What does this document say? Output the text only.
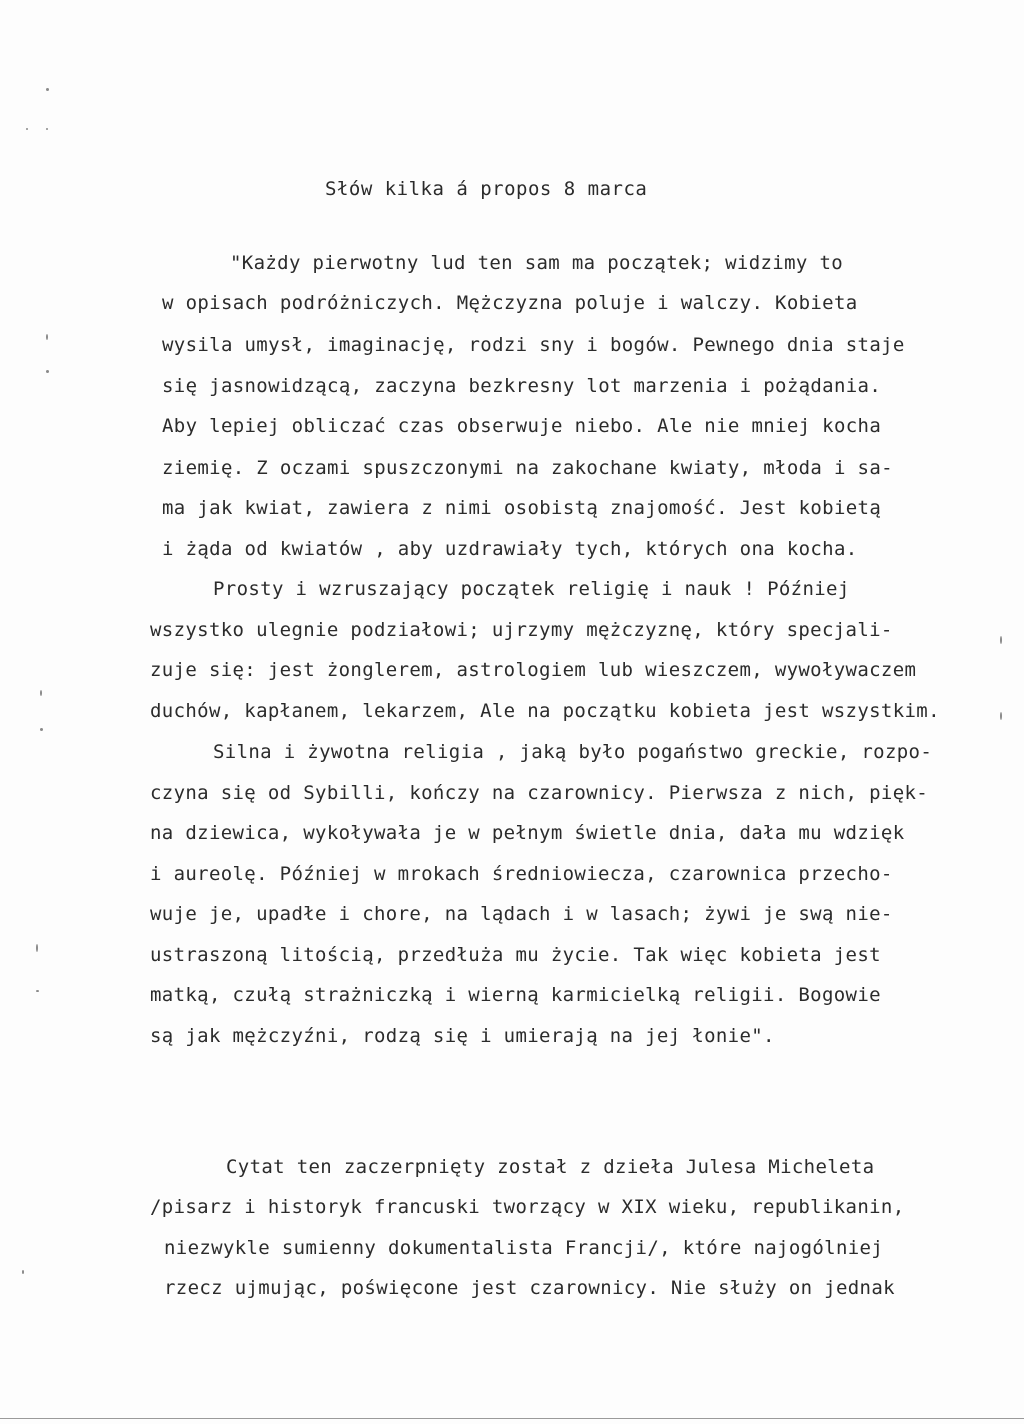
Słów kilka á propos 8 marca
"Każdy pierwotny lud ten sam ma początek; widzimy to
w opisach podróżniczych. Mężczyzna poluje i walczy. Kobieta
wysila umysł, imaginację, rodzi sny i bogów. Pewnego dnia staje
się jasnowidzącą, zaczyna bezkresny lot marzenia i pożądania.
Aby lepiej obliczać czas obserwuje niebo. Ale nie mniej kocha
ziemię. Z oczami spuszczonymi na zakochane kwiaty, młoda i sa-
ma jak kwiat, zawiera z nimi osobistą znajomość. Jest kobietą
i żąda od kwiatów , aby uzdrawiały tych, których ona kocha.
Prosty i wzruszający początek religię i nauk ! Później
wszystko ulegnie podziałowi; ujrzymy mężczyznę, który specjali-
zuje się: jest żonglerem, astrologiem lub wieszczem, wywoływaczem
duchów, kapłanem, lekarzem, Ale na początku kobieta jest wszystkim.
Silna i żywotna religia , jaką było pogaństwo greckie, rozpo-
czyna się od Sybilli, kończy na czarownicy. Pierwsza z nich, pięk-
na dziewica, wykoływała je w pełnym świetle dnia, dała mu wdzięk
i aureolę. Później w mrokach średniowiecza, czarownica przecho-
wuje je, upadłe i chore, na lądach i w lasach; żywi je swą nie-
ustraszoną litością, przedłuża mu życie. Tak więc kobieta jest
matką, czułą strażniczką i wierną karmicielką religii. Bogowie
są jak mężczyźni, rodzą się i umierają na jej łonie".
Cytat ten zaczerpnięty został z dzieła Julesa Micheleta
/pisarz i historyk francuski tworzący w XIX wieku, republikanin,
niezwykle sumienny dokumentalista Francji/, które najogólniej
rzecz ujmując, poświęcone jest czarownicy. Nie służy on jednak
